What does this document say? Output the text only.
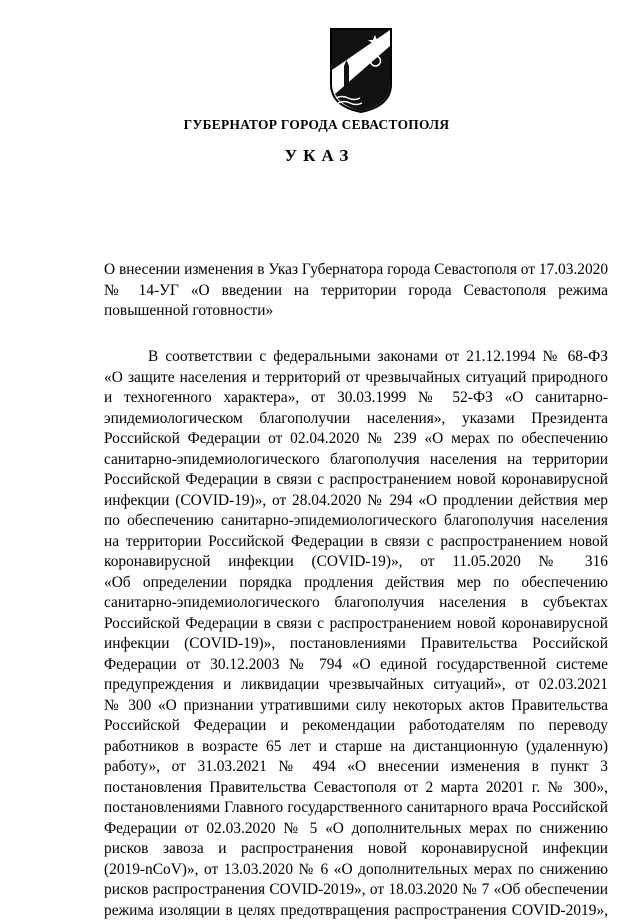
ГУБЕРНАТОР ГОРОДА СЕВАСТОПОЛЯ
УКАЗ
О внесении изменения в Указ Губернатора города Севастополя от 17.03.2020
№ 14-УГ «О введении на территории города Севастополя режима
повышенной готовности»
В соответствии с федеральными законами от 21.12.1994 № 68-ФЗ
«О защите населения и территорий от чрезвычайных ситуаций природного
и техногенного характера», от 30.03.1999 № 52-ФЗ «О санитарно-
эпидемиологическом благополучии населения», указами Президента
Российской Федерации от 02.04.2020 № 239 «О мерах по обеспечению
санитарно-эпидемиологического благополучия населения на территории
Российской Федерации в связи с распространением новой коронавирусной
инфекции (COVID-19)», от 28.04.2020 № 294 «О продлении действия мер
по обеспечению санитарно-эпидемиологического благополучия населения
на территории Российской Федерации в связи с распространением новой
коронавирусной инфекции (COVID-19)», от 11.05.2020 № 316
«Об определении порядка продления действия мер по обеспечению
санитарно-эпидемиологического благополучия населения в субъектах
Российской Федерации в связи с распространением новой коронавирусной
инфекции (COVID-19)», постановлениями Правительства Российской
Федерации от 30.12.2003 № 794 «О единой государственной системе
предупреждения и ликвидации чрезвычайных ситуаций», от 02.03.2021
№ 300 «О признании утратившими силу некоторых актов Правительства
Российской Федерации и рекомендации работодателям по переводу
работников в возрасте 65 лет и старше на дистанционную (удаленную)
работу», от 31.03.2021 № 494 «О внесении изменения в пункт 3
постановления Правительства Севастополя от 2 марта 20201 г. № 300»,
постановлениями Главного государственного санитарного врача Российской
Федерации от 02.03.2020 № 5 «О дополнительных мерах по снижению
рисков завоза и распространения новой коронавирусной инфекции
(2019-nCoV)», от 13.03.2020 № 6 «О дополнительных мерах по снижению
рисков распространения COVID-2019», от 18.03.2020 № 7 «Об обеспечении
режима изоляции в целях предотвращения распространения COVID-2019»,
